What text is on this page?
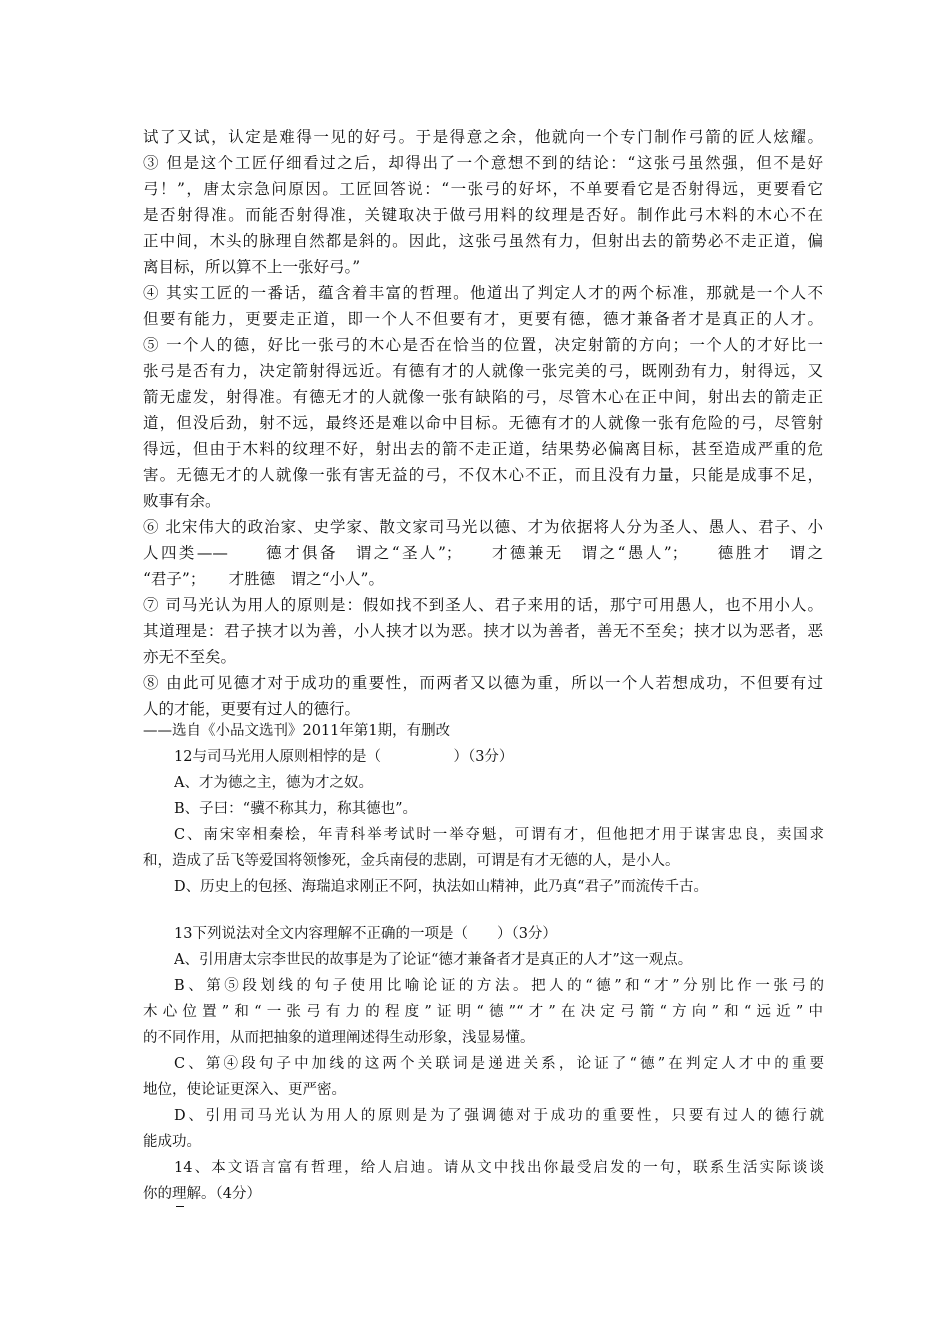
试了又试，认定是难得一见的好弓。于是得意之余，他就向一个专门制作弓箭的匠人炫耀。
③ 但是这个工匠仔细看过之后，却得出了一个意想不到的结论：“这张弓虽然强，但不是好
弓！”，唐太宗急问原因。工匠回答说：“一张弓的好坏，不单要看它是否射得远，更要看它
是否射得准。而能否射得准，关键取决于做弓用料的纹理是否好。制作此弓木料的木心不在
正中间，木头的脉理自然都是斜的。因此，这张弓虽然有力，但射出去的箭势必不走正道，偏
离目标，所以算不上一张好弓。”
④ 其实工匠的一番话，蕴含着丰富的哲理。他道出了判定人才的两个标准，那就是一个人不
但要有能力，更要走正道，即一个人不但要有才，更要有德，德才兼备者才是真正的人才。
⑤ 一个人的德，好比一张弓的木心是否在恰当的位置，决定射箭的方向；一个人的才好比一
张弓是否有力，决定箭射得远近。有德有才的人就像一张完美的弓，既刚劲有力，射得远，又
箭无虚发，射得准。有德无才的人就像一张有缺陷的弓，尽管木心在正中间，射出去的箭走正
道，但没后劲，射不远，最终还是难以命中目标。无德有才的人就像一张有危险的弓，尽管射
得远，但由于木料的纹理不好，射出去的箭不走正道，结果势必偏离目标，甚至造成严重的危
害。无德无才的人就像一张有害无益的弓，不仅木心不正，而且没有力量，只能是成事不足，
败事有余。
⑥ 北宋伟大的政治家、史学家、散文家司马光以德、才为依据将人分为圣人、愚人、君子、小
人四类——　　德才俱备　谓之“圣人”；　　才德兼无　谓之“愚人”；　　德胜才　谓之
“君子”；　　才胜德　谓之“小人”。
⑦ 司马光认为用人的原则是：假如找不到圣人、君子来用的话，那宁可用愚人，也不用小人。
其道理是：君子挟才以为善，小人挟才以为恶。挟才以为善者，善无不至矣；挟才以为恶者，恶
亦无不至矣。
⑧ 由此可见德才对于成功的重要性，而两者又以德为重，所以一个人若想成功，不但要有过
人的才能，更要有过人的德行。
——选自《小品文选刊》2011年第1期，有删改
12与司马光用人原则相悖的是（　　　　　）（3分）
A、才为德之主，德为才之奴。
B、子曰：“骥不称其力，称其德也”。
C、南宋宰相秦桧，年青科举考试时一举夺魁，可谓有才，但他把才用于谋害忠良，卖国求
和，造成了岳飞等爱国将领惨死，金兵南侵的悲剧，可谓是有才无德的人，是小人。
D、历史上的包拯、海瑞追求刚正不阿，执法如山精神，此乃真“君子”而流传千古。
13下列说法对全文内容理解不正确的一项是（　　）（3分）
A、引用唐太宗李世民的故事是为了论证“德才兼备者才是真正的人才”这一观点。
B、第⑤段划线的句子使用比喻论证的方法。把人的“德”和“才”分别比作一张弓的
木心位置”和“一张弓有力的程度”证明“德”“才”在决定弓箭“方向”和“远近”中
的不同作用，从而把抽象的道理阐述得生动形象，浅显易懂。
C、第④段句子中加线的这两个关联词是递进关系，论证了“德”在判定人才中的重要
地位，使论证更深入、更严密。
D、引用司马光认为用人的原则是为了强调德对于成功的重要性，只要有过人的德行就
能成功。
14、本文语言富有哲理，给人启迪。请从文中找出你最受启发的一句，联系生活实际谈谈
你的理解。（4分）
